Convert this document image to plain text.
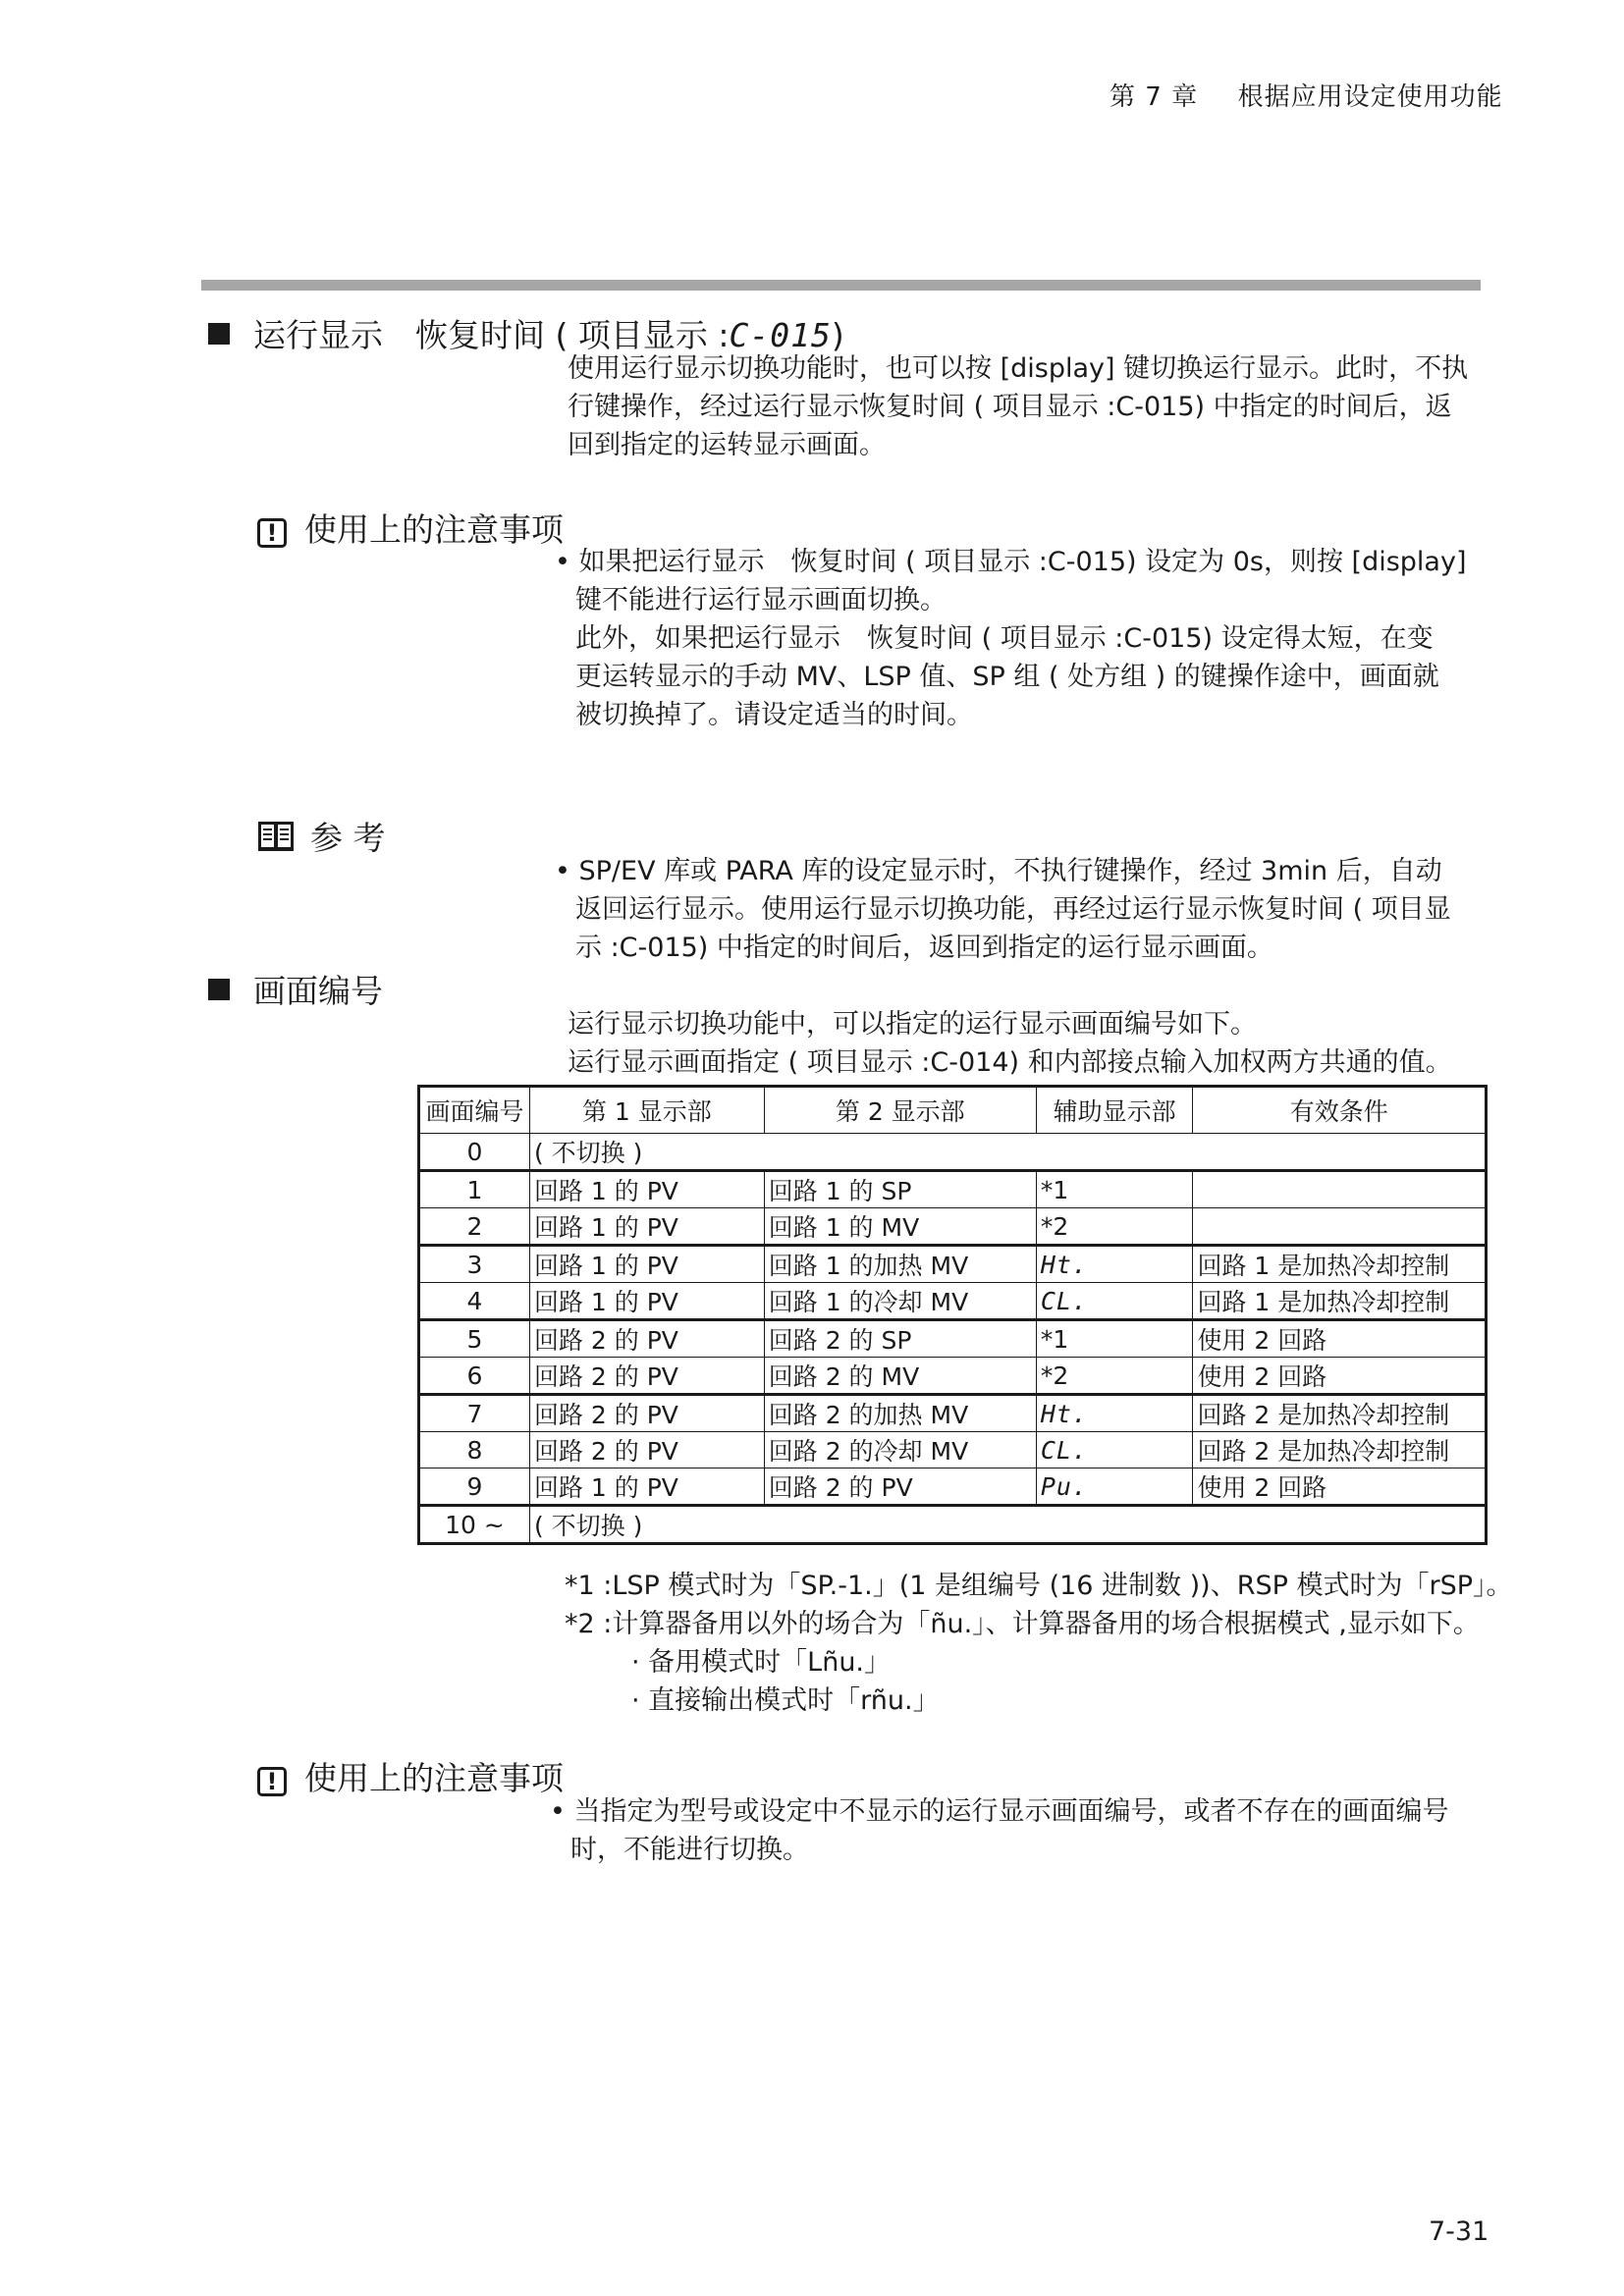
第 7 章 根据应用设定使用功能
运行显示　恢复时间 ( 项目显示 :C-015)
使用运行显示切换功能时，也可以按 [display] 键切换运行显示。此时，不执
行键操作，经过运行显示恢复时间 ( 项目显示 :C-015) 中指定的时间后，返
回到指定的运转显示画面。
! 使用上的注意事项
• 如果把运行显示　恢复时间 ( 项目显示 :C-015) 设定为 0s，则按 [display]
键不能进行运行显示画面切换。
此外，如果把运行显示　恢复时间 ( 项目显示 :C-015) 设定得太短，在变
更运转显示的手动 MV、LSP 值、SP 组 ( 处方组 ) 的键操作途中，画面就
被切换掉了。请设定适当的时间。
参 考
• SP/EV 库或 PARA 库的设定显示时，不执行键操作，经过 3min 后，自动
返回运行显示。使用运行显示切换功能，再经过运行显示恢复时间 ( 项目显
示 :C-015) 中指定的时间后，返回到指定的运行显示画面。
画面编号
运行显示切换功能中，可以指定的运行显示画面编号如下。
运行显示画面指定 ( 项目显示 :C-014) 和内部接点输入加权两方共通的值。
画面编号	第 1 显示部	第 2 显示部	辅助显示部	有效条件
0	( 不切换 )			
1	回路 1 的 PV	回路 1 的 SP	*1	
2	回路 1 的 PV	回路 1 的 MV	*2	
3	回路 1 的 PV	回路 1 的加热 MV	Ht.	回路 1 是加热冷却控制
4	回路 1 的 PV	回路 1 的冷却 MV	CL.	回路 1 是加热冷却控制
5	回路 2 的 PV	回路 2 的 SP	*1	使用 2 回路
6	回路 2 的 PV	回路 2 的 MV	*2	使用 2 回路
7	回路 2 的 PV	回路 2 的加热 MV	Ht.	回路 2 是加热冷却控制
8	回路 2 的 PV	回路 2 的冷却 MV	CL.	回路 2 是加热冷却控制
9	回路 1 的 PV	回路 2 的 PV	Pu.	使用 2 回路
10 ~	( 不切换 )			
*1 :LSP 模式时为「SP.-1.」(1 是组编号 (16 进制数 ))、RSP 模式时为「rSP」。
*2 :计算器备用以外的场合为「ñu.」、计算器备用的场合根据模式 ,显示如下。
· 备用模式时「Lñu.」
· 直接输出模式时「rñu.」
! 使用上的注意事项
• 当指定为型号或设定中不显示的运行显示画面编号，或者不存在的画面编号
时，不能进行切换。
7-31
